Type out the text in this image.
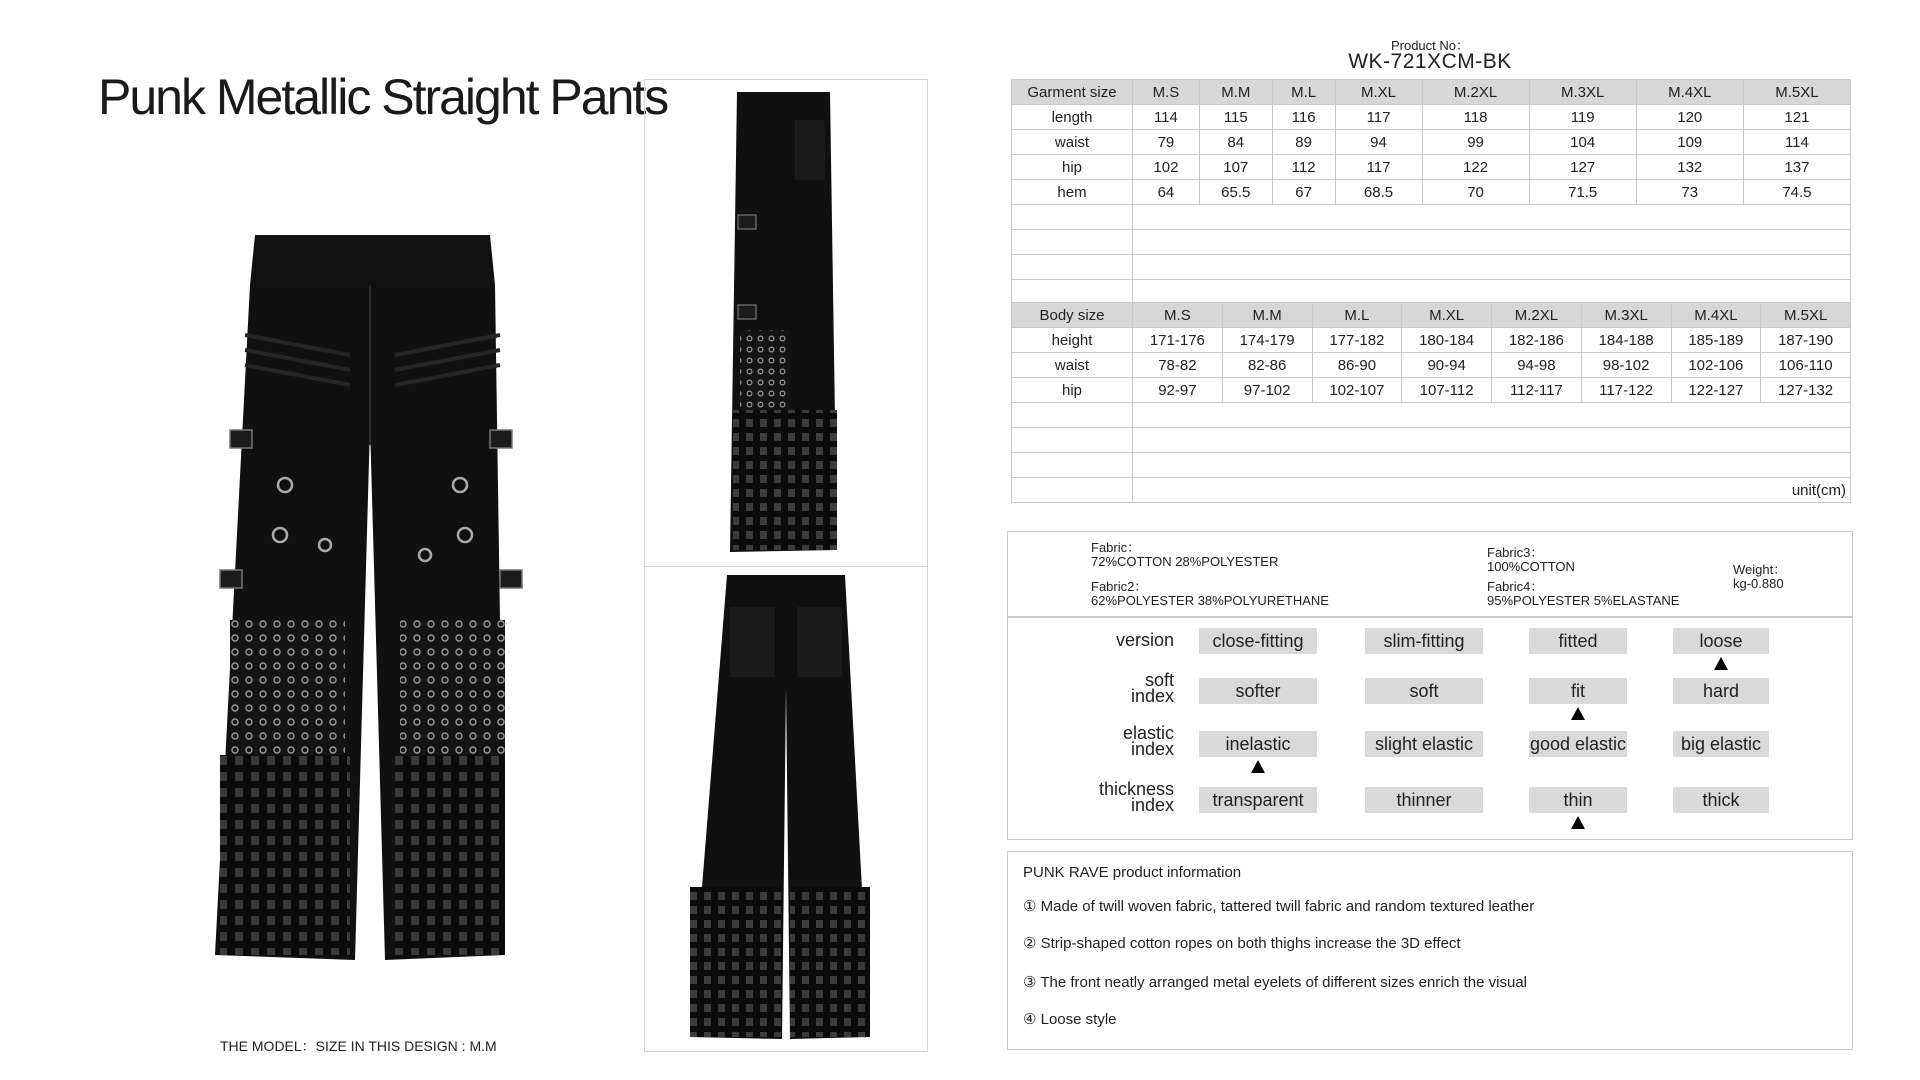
Punk Metallic Straight Pants
THE MODEL：SIZE IN THIS DESIGN : M.M
Product No：
WK-721XCM-BK
Garment size	M.S	M.M	M.L	M.XL	M.2XL	M.3XL	M.4XL	M.5XL
length	114	115	116	117	118	119	120	121
waist	79	84	89	94	99	104	109	114
hip	102	107	112	117	122	127	132	137
hem	64	65.5	67	68.5	70	71.5	73	74.5

Body size	M.S	M.M	M.L	M.XL	M.2XL	M.3XL	M.4XL	M.5XL
height	171-176	174-179	177-182	180-184	182-186	184-188	185-189	187-190
waist	78-82	82-86	86-90	90-94	94-98	98-102	102-106	106-110
hip	92-97	97-102	102-107	107-112	112-117	117-122	122-127	127-132

	unit(cm)							
Fabric：
72%COTTON 28%POLYESTER
Fabric2：
62%POLYESTER 38%POLYURETHANE
Fabric3：
100%COTTON
Fabric4：
95%POLYESTER 5%ELASTANE
Weight：
kg-0.880
version	close-fitting	slim-fitting	fitted	loose
soft
index	softer	soft	fit	hard
elastic
index	inelastic	slight elastic	good elastic	big elastic
thickness
index	transparent	thinner	thin	thick
PUNK RAVE product information
① Made of twill woven fabric, tattered twill fabric and random textured leather
② Strip-shaped cotton ropes on both thighs increase the 3D effect
③ The front neatly arranged metal eyelets of different sizes enrich the visual
④ Loose style
